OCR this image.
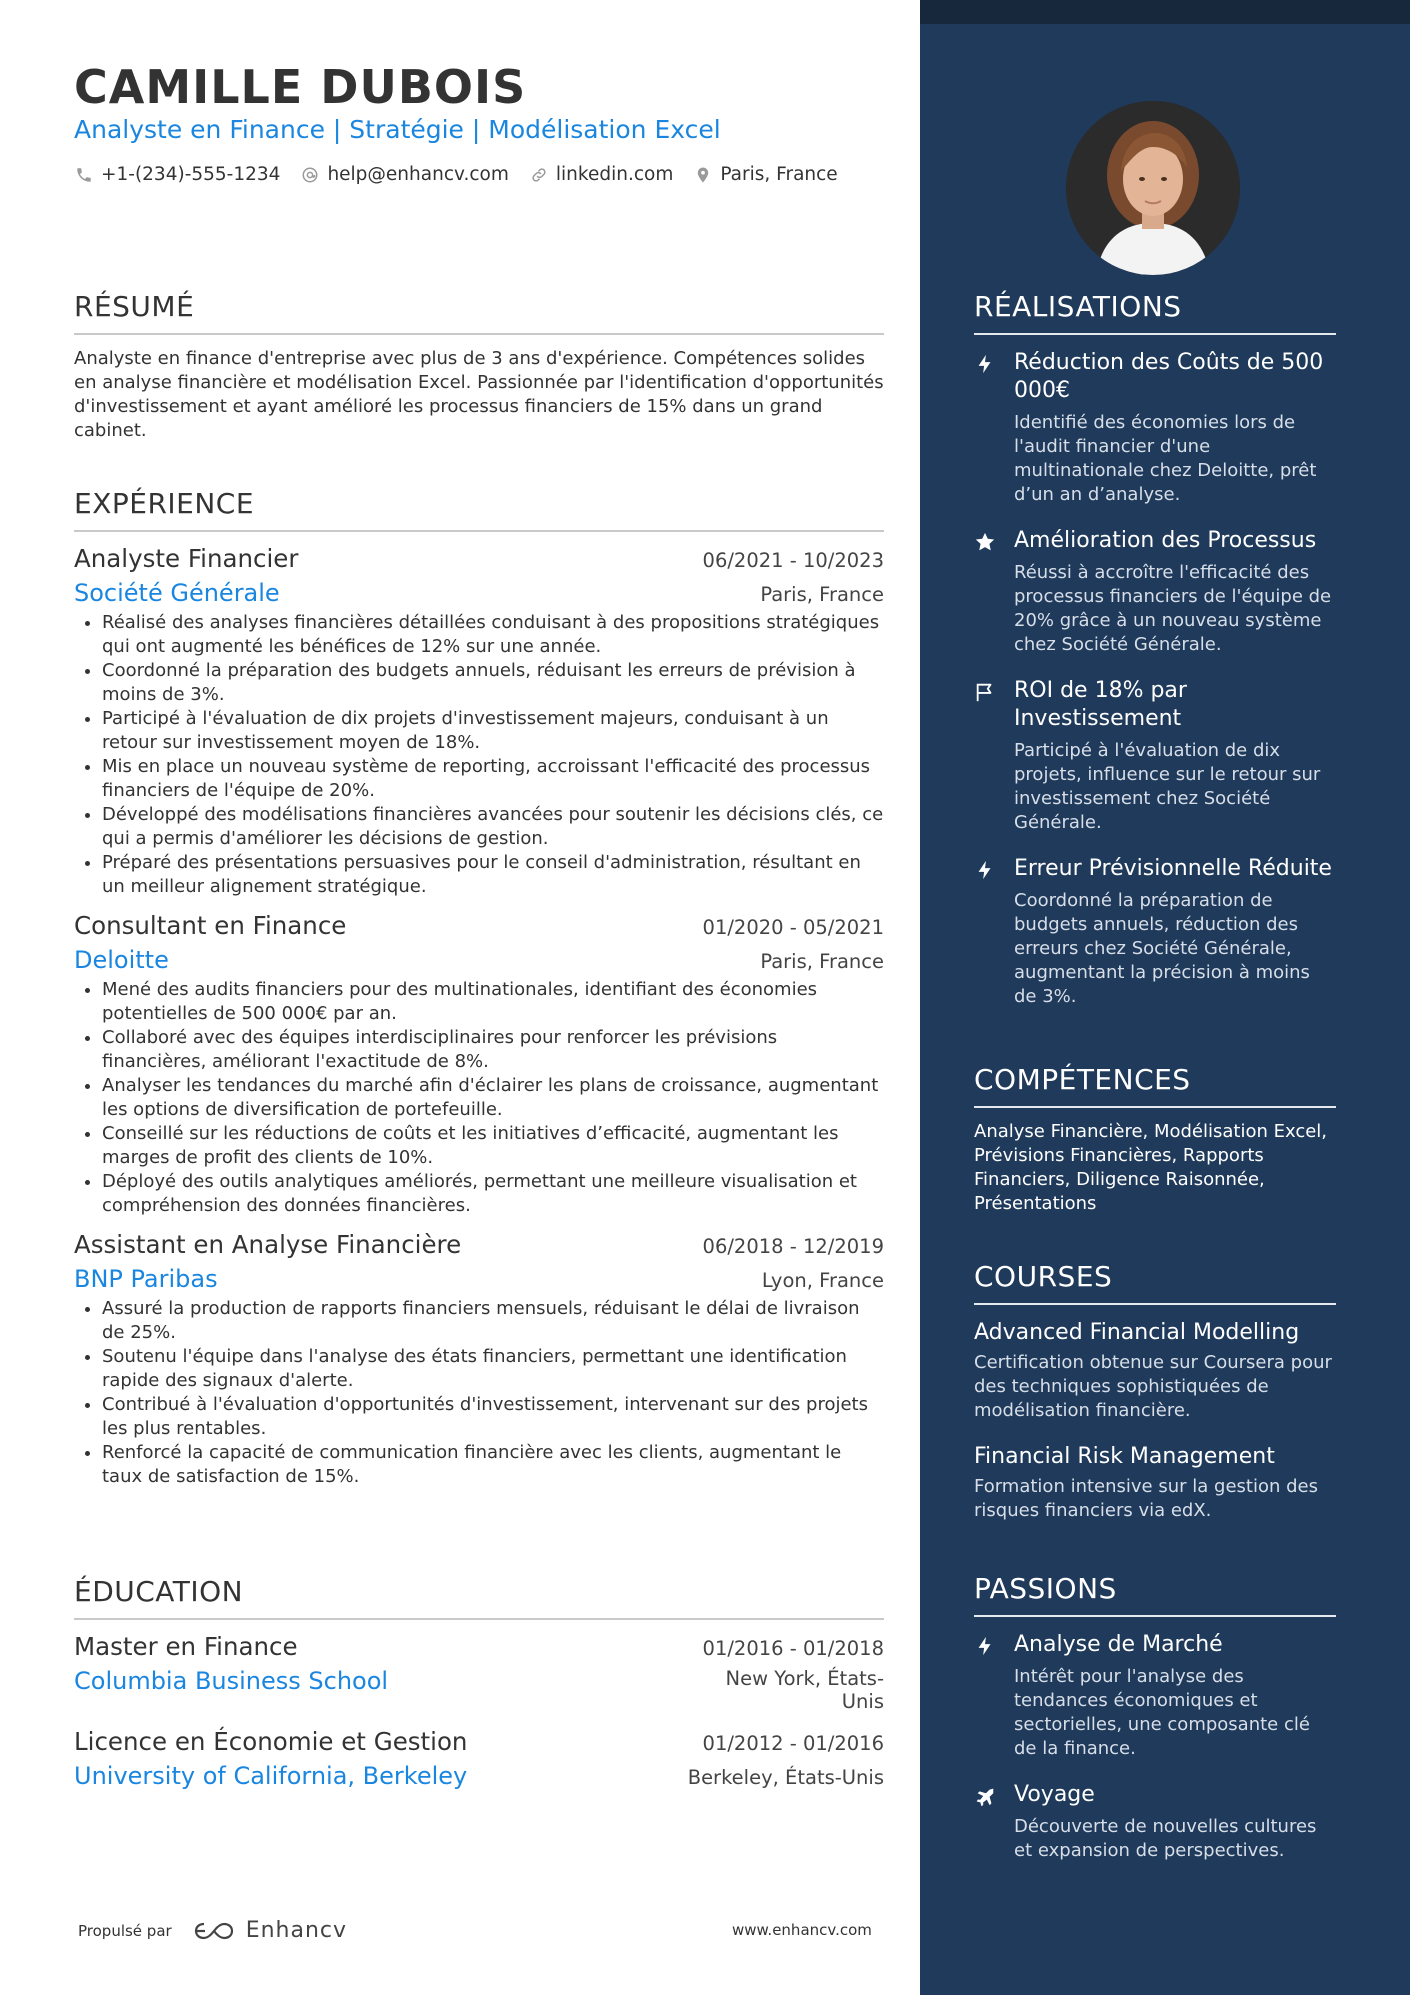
CAMILLE DUBOIS
Analyste en Finance | Stratégie | Modélisation Excel
+1-(234)-555-1234	help@enhancv.com	linkedin.com	Paris, France
RÉSUMÉ
Analyste en finance d'entreprise avec plus de 3 ans d'expérience. Compétences solides en analyse financière et modélisation Excel. Passionnée par l'identification d'opportunités d'investissement et ayant amélioré les processus financiers de 15% dans un grand cabinet.
EXPÉRIENCE
Analyste Financier	06/2021 - 10/2023
Société Générale	Paris, France
• Réalisé des analyses financières détaillées conduisant à des propositions stratégiques qui ont augmenté les bénéfices de 12% sur une année.
• Coordonné la préparation des budgets annuels, réduisant les erreurs de prévision à moins de 3%.
• Participé à l'évaluation de dix projets d'investissement majeurs, conduisant à un retour sur investissement moyen de 18%.
• Mis en place un nouveau système de reporting, accroissant l'efficacité des processus financiers de l'équipe de 20%.
• Développé des modélisations financières avancées pour soutenir les décisions clés, ce qui a permis d'améliorer les décisions de gestion.
• Préparé des présentations persuasives pour le conseil d'administration, résultant en un meilleur alignement stratégique.
Consultant en Finance	01/2020 - 05/2021
Deloitte	Paris, France
• Mené des audits financiers pour des multinationales, identifiant des économies potentielles de 500 000€ par an.
• Collaboré avec des équipes interdisciplinaires pour renforcer les prévisions financières, améliorant l'exactitude de 8%.
• Analyser les tendances du marché afin d'éclairer les plans de croissance, augmentant les options de diversification de portefeuille.
• Conseillé sur les réductions de coûts et les initiatives d’efficacité, augmentant les marges de profit des clients de 10%.
• Déployé des outils analytiques améliorés, permettant une meilleure visualisation et compréhension des données financières.
Assistant en Analyse Financière	06/2018 - 12/2019
BNP Paribas	Lyon, France
• Assuré la production de rapports financiers mensuels, réduisant le délai de livraison de 25%.
• Soutenu l'équipe dans l'analyse des états financiers, permettant une identification rapide des signaux d'alerte.
• Contribué à l'évaluation d'opportunités d'investissement, intervenant sur des projets les plus rentables.
• Renforcé la capacité de communication financière avec les clients, augmentant le taux de satisfaction de 15%.
ÉDUCATION
Master en Finance	01/2016 - 01/2018
Columbia Business School	New York, États-Unis
Licence en Économie et Gestion	01/2012 - 01/2016
University of California, Berkeley	Berkeley, États-Unis
Propulsé par	Enhancv	www.enhancv.com
RÉALISATIONS
Réduction des Coûts de 500 000€
Identifié des économies lors de l'audit financier d'une multinationale chez Deloitte, prêt d’un an d’analyse.
Amélioration des Processus
Réussi à accroître l'efficacité des processus financiers de l'équipe de 20% grâce à un nouveau système chez Société Générale.
ROI de 18% par Investissement
Participé à l'évaluation de dix projets, influence sur le retour sur investissement chez Société Générale.
Erreur Prévisionnelle Réduite
Coordonné la préparation de budgets annuels, réduction des erreurs chez Société Générale, augmentant la précision à moins de 3%.
COMPÉTENCES
Analyse Financière, Modélisation Excel, Prévisions Financières, Rapports Financiers, Diligence Raisonnée, Présentations
COURSES
Advanced Financial Modelling
Certification obtenue sur Coursera pour des techniques sophistiquées de modélisation financière.
Financial Risk Management
Formation intensive sur la gestion des risques financiers via edX.
PASSIONS
Analyse de Marché
Intérêt pour l'analyse des tendances économiques et sectorielles, une composante clé de la finance.
Voyage
Découverte de nouvelles cultures et expansion de perspectives.
